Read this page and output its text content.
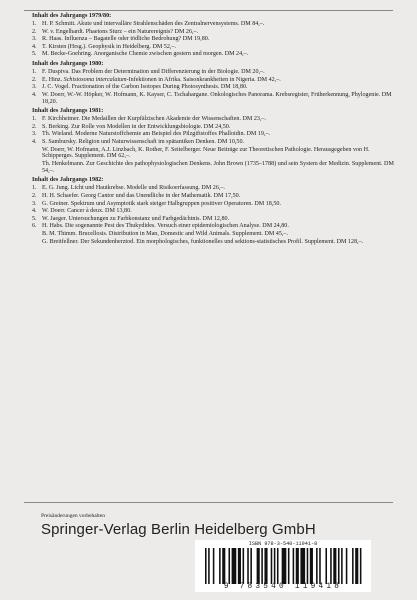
Inhalt des Jahrgangs 1979/80:
1. H. P. Schmitt. Akute und intervalläre Strahlenschäden des Zentralnervensystems. DM 84,–.
2. W. v. Engelhardt. Phaetons Sturz – ein Naturereignis? DM 26,–.
3. R. Haas. Influenza – Bagatelle oder tödliche Bedrohung? DM 19,80.
4. T. Kirsten (Hrsg.). Geophysik in Heidelberg. DM 52,–.
5. M. Becke-Goehring. Anorganische Chemie zwischen gestern und morgen. DM 24,–.
Inhalt des Jahrgangs 1980:
1. F. Duspiva. Das Problem der Determination und Differenzierung in der Biologie. DM 20,–.
2. E. Hinz. Schistosoma intercalatum-Infektionen in Afrika. Saisonkrankheiten in Nigeria. DM 42,–.
3. J. C. Vogel. Fractionation of the Carbon Isotopes During Photosynthesis. DM 18,80.
4. W. Doerr, W.-W. Höpker, W. Hofmann, K. Kayser, C. Tschahargane. Onkologisches Panorama. Krebsregister, Früherkennung, Phylogenie. DM 18,20.
Inhalt des Jahrgangs 1981:
1. F. Kirchheimer. Die Medaillen der Kurpfälzischen Akademie der Wissenschaften. DM 23,–.
2. S. Berking. Zur Rolle von Modellen in der Entwicklungsbiologie. DM 24,50.
3. Th. Wieland. Moderne Naturstoffchemie am Beispiel des Pilzgiftstoffes Phalloidin. DM 19,–.
4. S. Sambursky. Religion und Naturwissenschaft im spätantiken Denken. DM 10,50.
W. Doerr, W. Hofmann, A.J. Linzbach, K. Rother, F. Seitelberger. Neue Beiträge zur Theoretischen Pathologie. Herausgegeben von H. Schipperges. Supplement. DM 62,–.
Th. Henkelmann. Zur Geschichte des pathophysiologischen Denkens. John Brown (1735–1788) und sein System der Medizin. Supplement. DM 54,–.
Inhalt des Jahrgangs 1982:
1. E. G. Jung. Licht und Hautkrebse. Modelle und Risikoerfassung. DM 26,–.
2. H. H. Schaefer. Georg Cantor und das Unendliche in der Mathematik. DM 17,50.
3. G. Greiner. Spektrum und Asymptotik stark steiger Halbgruppen positiver Operatoren. DM 18,50.
4. W. Doerr. Cancer à deux. DM 13,80.
5. W. Jaeger. Untersuchungen zu Farbkonstanz und Farbgedächtnis. DM 12,80.
6. H. Habs. Die sogenannte Pest des Thukydides. Versuch einer epidemiologischen Analyse. DM 24,80.
B. M. Thimm. Brucellosis. Distribution in Man, Domestic and Wild Animals. Supplement. DM 45,–.
G. Breitfellner. Der Sekundenherztod. Ein morphologisches, funktionelles und sektions-statistisches Profil. Supplement. DM 128,–.
Preisänderungen vorbehalten
Springer-Verlag Berlin Heidelberg GmbH
ISBN 978-3-540-11941-8
9 783540 119418
